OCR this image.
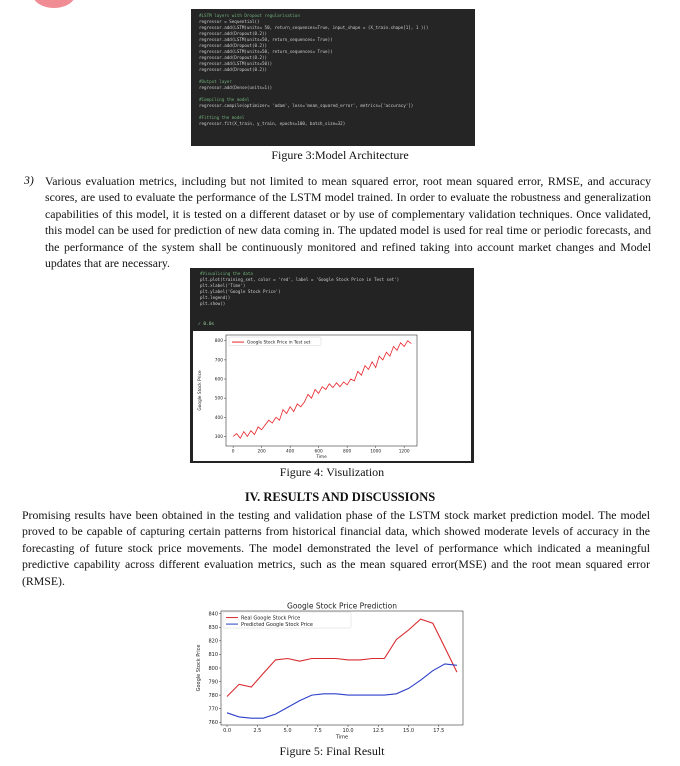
#LSTM layers with Dropout regularisation
regressor = Sequential()
regressor.add(LSTM(units= 50, return_sequences=True, input_shape = (X_train.shape[1], 1 )))
regressor.add(Dropout(0.2))
regressor.add(LSTM(units=50, return_sequences= True))
regressor.add(Dropout(0.2))
regressor.add(LSTM(units=50, return_sequences= True))
regressor.add(Dropout(0.2))
regressor.add(LSTM(units=50))
regressor.add(Dropout(0.2))
#Output layer
regressor.add(Dense(units=1))
#Compiling the model
regressor.compile(optimizer= 'adam', loss='mean_squared_error', metrics=['accuracy'])
#Fitting the model
regressor.fit(X_train, y_train, epochs=100, batch_size=32)
Figure 3:Model Architecture
3) Various evaluation metrics, including but not limited to mean squared error, root mean squared error, RMSE, and accuracy scores, are used to evaluate the performance of the LSTM model trained. In order to evaluate the robustness and generalization capabilities of this model, it is tested on a different dataset or by use of complementary validation techniques. Once validated, this model can be used for prediction of new data coming in. The updated model is used for real time or periodic forecasts, and the performance of the system shall be continuously monitored and refined taking into account market changes and Model updates that are necessary.
#Visualising the data
plt.plot(training_set, color = 'red', label = 'Google Stock Price in Test set')
plt.xlabel('Time')
plt.ylabel('Google Stock Price')
plt.legend()
plt.show()
✓ 0.0s
0	200	400	600	800	1000	1200
300
400
500
600
700
800
Time
Google Stock Price
Google Stock Price in Test set
Figure 4: Visulization
IV. RESULTS AND DISCUSSIONS
Promising results have been obtained in the testing and validation phase of the LSTM stock market prediction model. The model proved to be capable of capturing certain patterns from historical financial data, which showed moderate levels of accuracy in the forecasting of future stock price movements. The model demonstrated the level of performance which indicated a meaningful predictive capability across different evaluation metrics, such as the mean squared error(MSE) and the root mean squared error (RMSE).
0.0	2.5	5.0	7.5	10.0	12.5	15.0	17.5
760
770
780
790
800
810
820
830
840
Time
Google Stock Price
Google Stock Price Prediction
Real Google Stock Price
Predicted Google Stock Price
Figure 5: Final Result
